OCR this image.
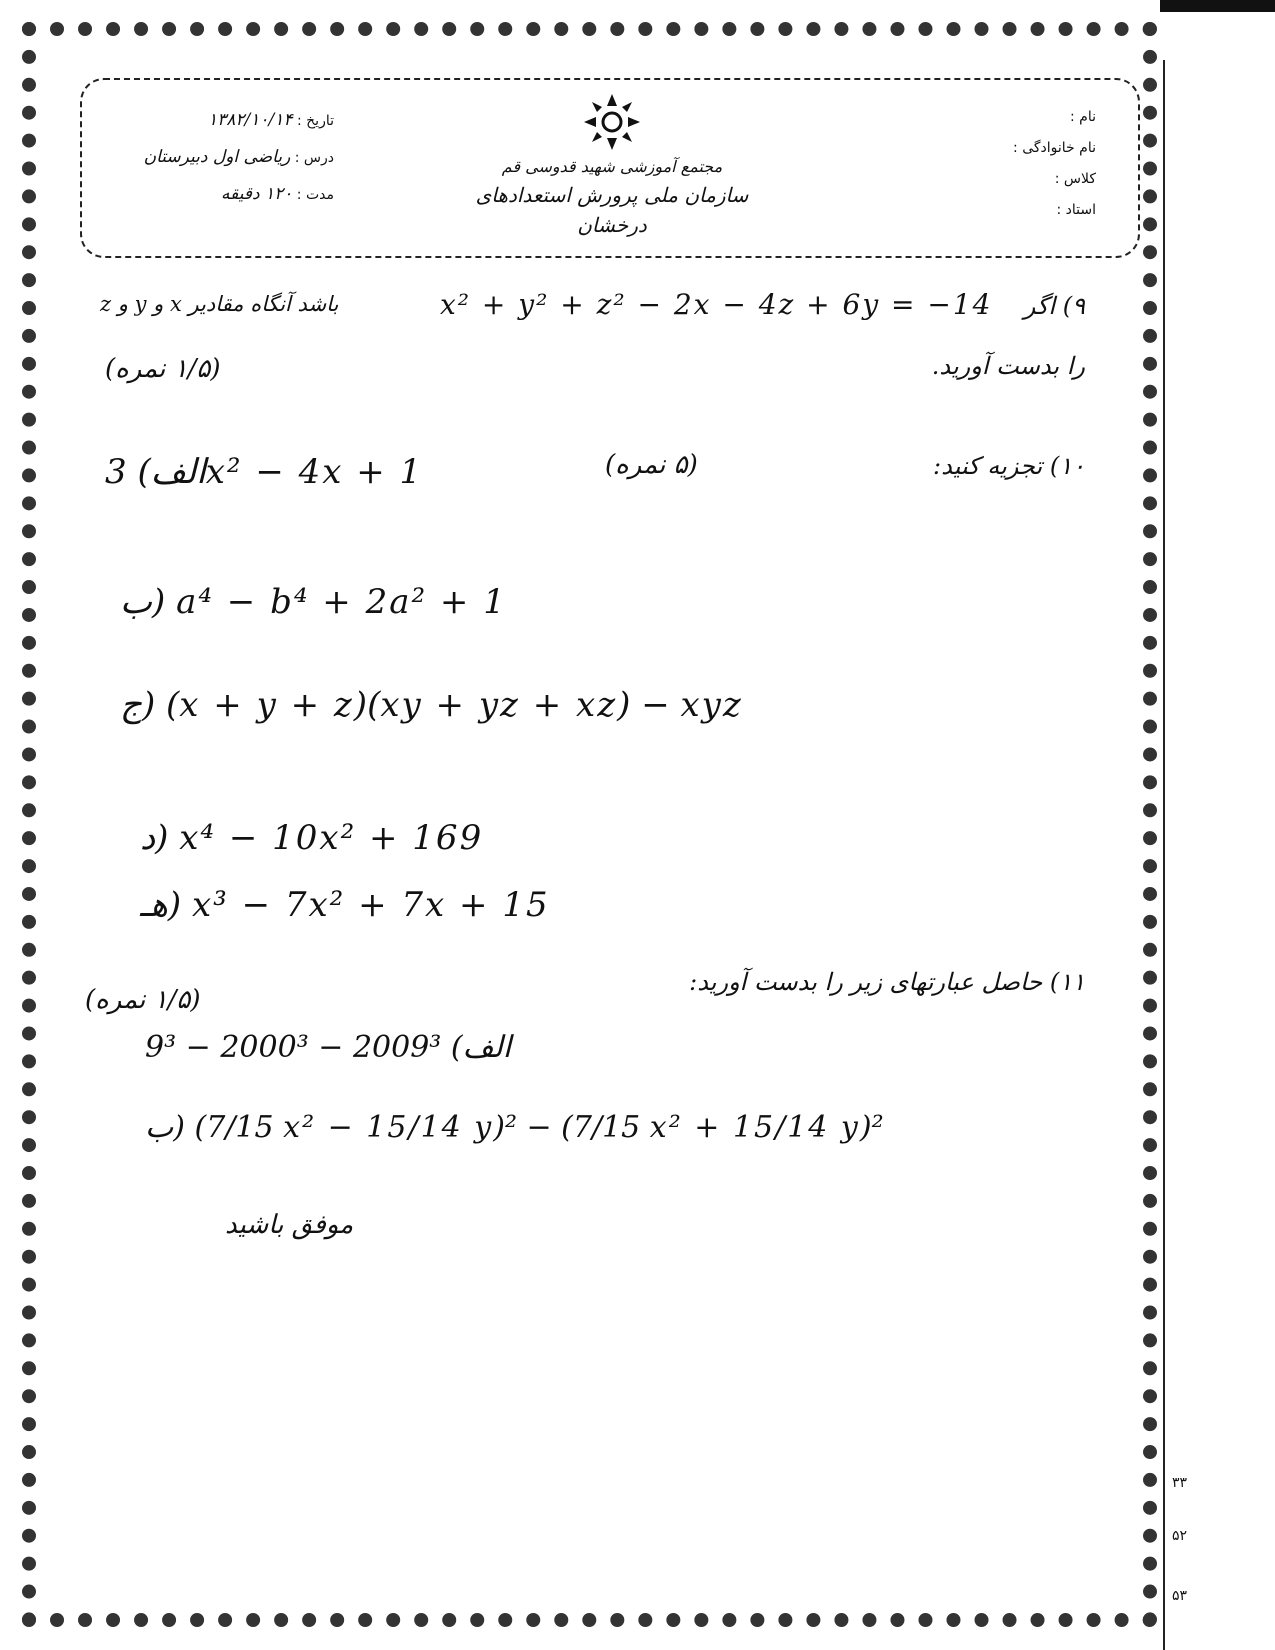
نام :
نام خانوادگی :
کلاس :
استاد :
مجتمع آموزشی شهید قدوسی قم
سازمان ملی پرورش استعدادهای درخشان
تاریخ : ۱۳۸۲/۱۰/۱۴
درس : ریاضی اول دبیرستان
مدت : ۱۲۰ دقیقه
۹) اگر
x² + y² + z² − 2x − 4z + 6y = −14
باشد آنگاه مقادیر x و y و z
را بدست آورید.
(۱/۵ نمره)
۱۰) تجزیه کنید:
(۵ نمره)
الف) 3x² − 4x + 1
ب) a⁴ − b⁴ + 2a² + 1
ج) (x + y + z)(xy + yz + xz) − xyz
د) x⁴ − 10x² + 169
هـ) x³ − 7x² + 7x + 15
۱۱) حاصل عبارتهای زیر را بدست آورید:
(۱/۵ نمره)
الف) 2009³ − 2000³ − 9³
ب) (7/15 x² − 15/14 y)² − (7/15 x² + 15/14 y)²
موفق باشید
۳۳
۵۲
۵۳
